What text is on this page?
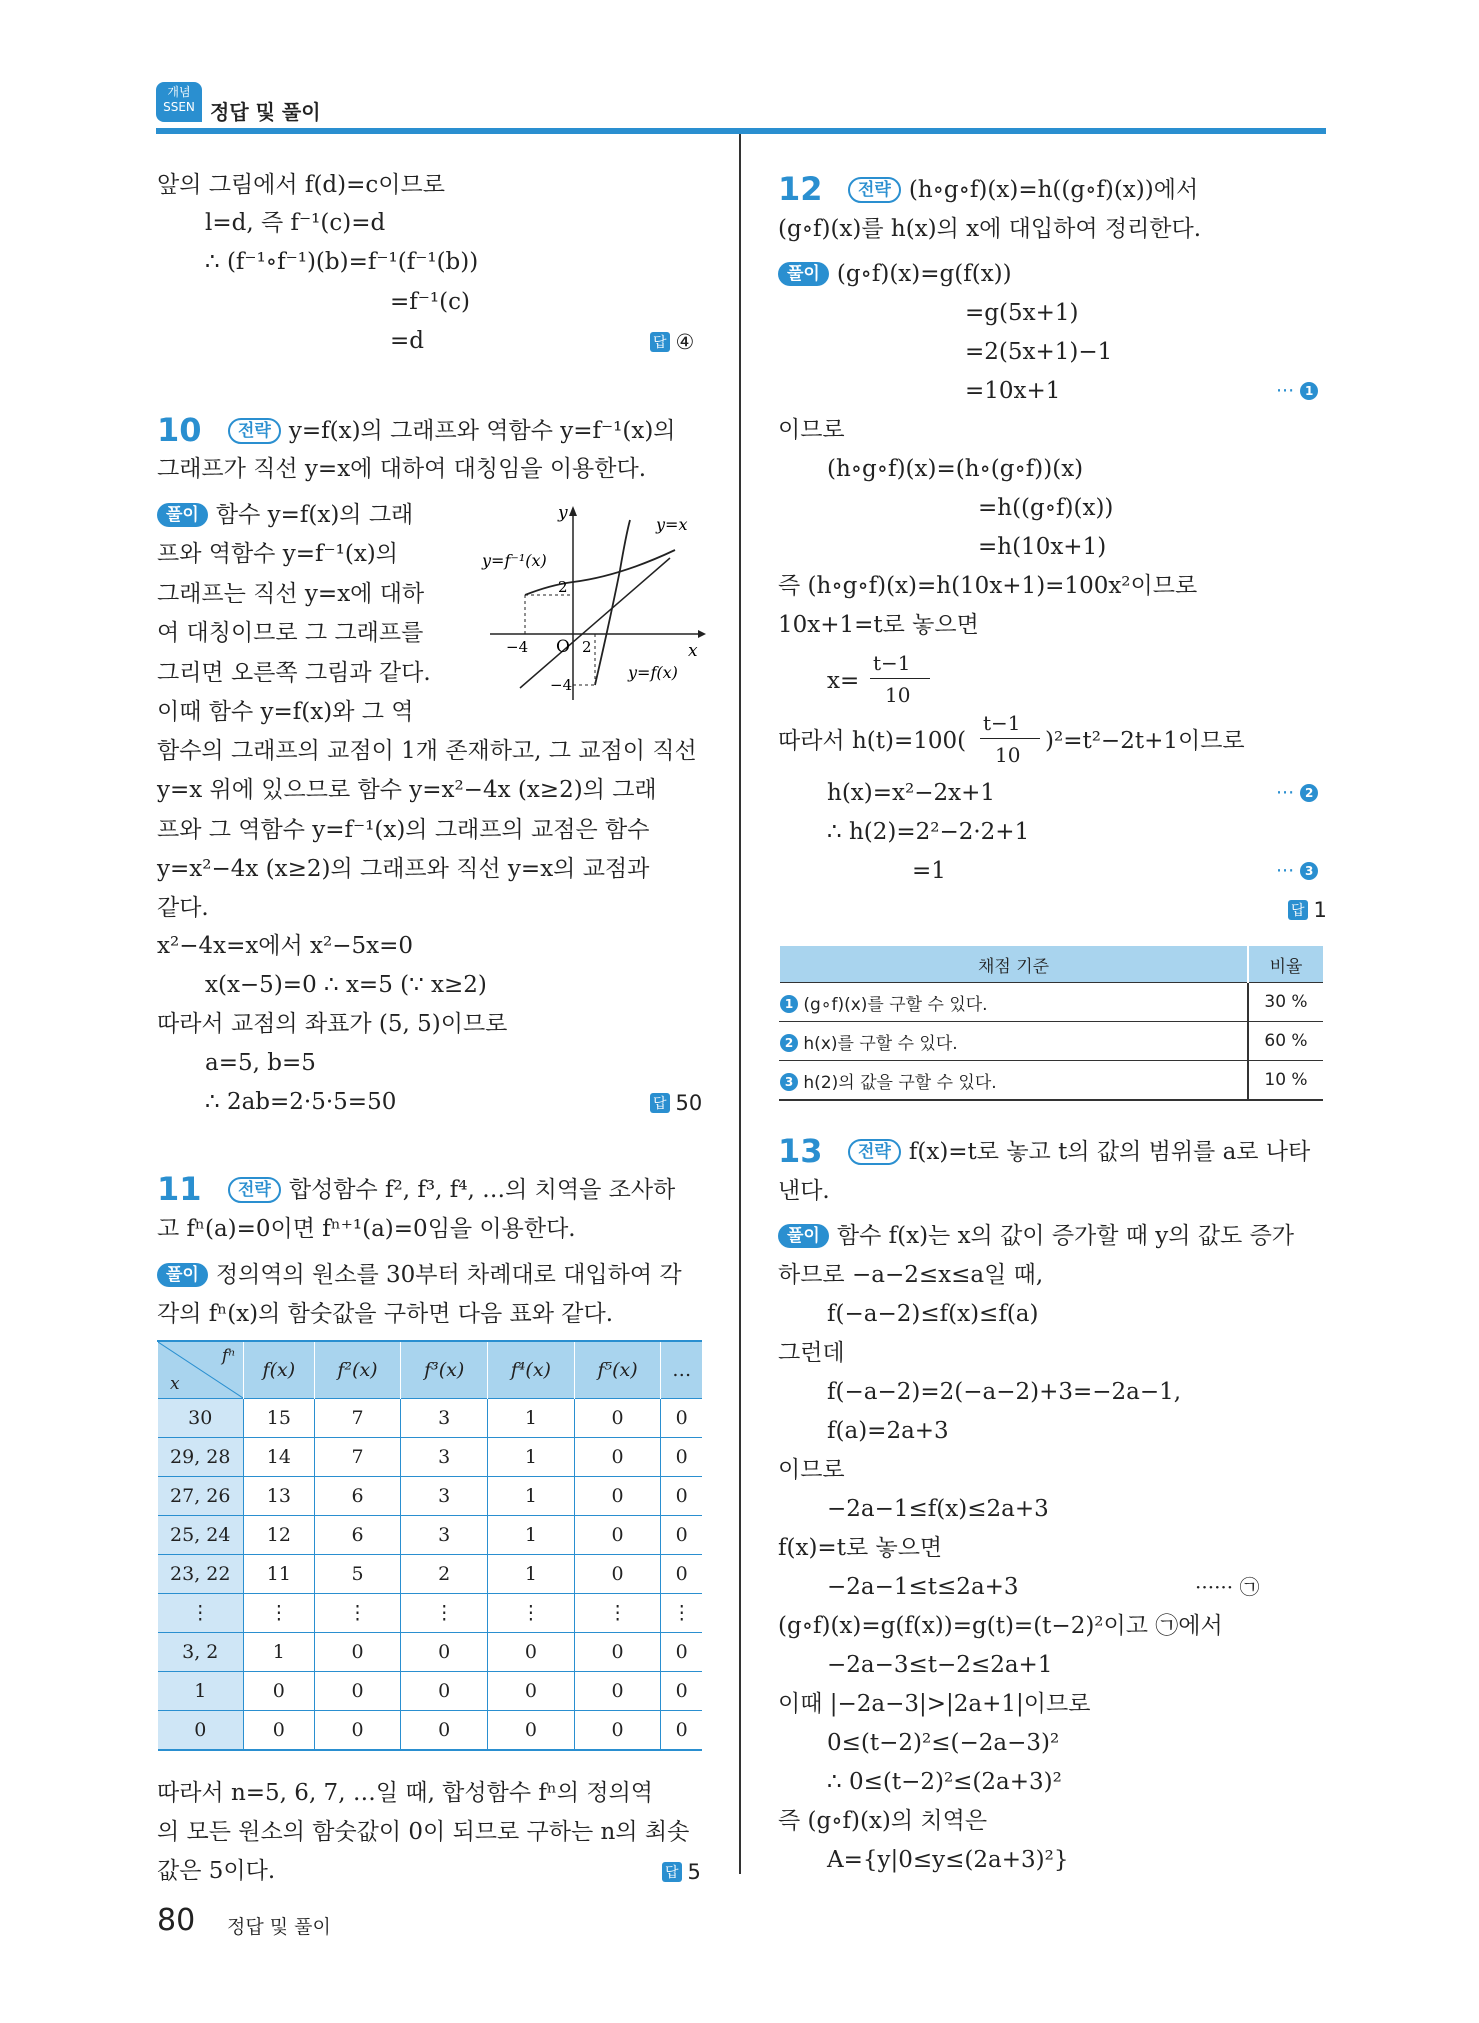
개념 SSEN 정답 및 풀이
앞의 그림에서 f(d)=c이므로
l=d, 즉 f⁻¹(c)=d
∴ (f⁻¹∘f⁻¹)(b)=f⁻¹(f⁻¹(b))
=f⁻¹(c)
=d	답 ④
10	전략 y=f(x)의 그래프와 역함수 y=f⁻¹(x)의
그래프가 직선 y=x에 대하여 대칭임을 이용한다.
풀이 함수 y=f(x)의 그래
프와 역함수 y=f⁻¹(x)의
그래프는 직선 y=x에 대하
여 대칭이므로 그 그래프를
그리면 오른쪽 그림과 같다.
이때 함수 y=f(x)와 그 역
y
x
O
y=x
y=f⁻¹(x)
y=f(x)
−4	2
2
−4
함수의 그래프의 교점이 1개 존재하고, 그 교점이 직선
y=x 위에 있으므로 함수 y=x²−4x (x≥2)의 그래
프와 그 역함수 y=f⁻¹(x)의 그래프의 교점은 함수
y=x²−4x (x≥2)의 그래프와 직선 y=x의 교점과
같다.
x²−4x=x에서 x²−5x=0
x(x−5)=0 ∴ x=5 (∵ x≥2)
따라서 교점의 좌표가 (5, 5)이므로
a=5, b=5
∴ 2ab=2·5·5=50	답 50
11	전략 합성함수 f², f³, f⁴, …의 치역을 조사하
고 fⁿ(a)=0이면 fⁿ⁺¹(a)=0임을 이용한다.
풀이 정의역의 원소를 30부터 차례대로 대입하여 각
각의 fⁿ(x)의 함숫값을 구하면 다음 표와 같다.
fⁿ
x	f(x)	f²(x)	f³(x)	f⁴(x)	f⁵(x)	…
30	15	7	3	1	0	0
29, 28	14	7	3	1	0	0
27, 26	13	6	3	1	0	0
25, 24	12	6	3	1	0	0
23, 22	11	5	2	1	0	0
⋮	⋮	⋮	⋮	⋮	⋮	⋮
3, 2	1	0	0	0	0	0
1	0	0	0	0	0	0
0	0	0	0	0	0	0
따라서 n=5, 6, 7, …일 때, 합성함수 fⁿ의 정의역
의 모든 원소의 함숫값이 0이 되므로 구하는 n의 최솟
값은 5이다.	답 5
12	전략 (h∘g∘f)(x)=h((g∘f)(x))에서
(g∘f)(x)를 h(x)의 x에 대입하여 정리한다.
풀이 (g∘f)(x)=g(f(x))
=g(5x+1)
=2(5x+1)−1
=10x+1	··· 1
이므로
(h∘g∘f)(x)=(h∘(g∘f))(x)
=h((g∘f)(x))
=h(10x+1)
즉 (h∘g∘f)(x)=h(10x+1)=100x²이므로
10x+1=t로 놓으면
x=
t−1
10
따라서 h(t)=100(
t−1
10
)²=t²−2t+1이므로
h(x)=x²−2x+1	··· 2
∴ h(2)=2²−2·2+1
=1	··· 3
답 1
채점 기준	비율
1 (g∘f)(x)를 구할 수 있다.	30 %
2 h(x)를 구할 수 있다.	60 %
3 h(2)의 값을 구할 수 있다.	10 %
13	전략 f(x)=t로 놓고 t의 값의 범위를 a로 나타
낸다.
풀이 함수 f(x)는 x의 값이 증가할 때 y의 값도 증가
하므로 −a−2≤x≤a일 때,
f(−a−2)≤f(x)≤f(a)
그런데
f(−a−2)=2(−a−2)+3=−2a−1,
f(a)=2a+3
이므로
−2a−1≤f(x)≤2a+3
f(x)=t로 놓으면
−2a−1≤t≤2a+3	······ ㉠
(g∘f)(x)=g(f(x))=g(t)=(t−2)²이고 ㉠에서
−2a−3≤t−2≤2a+1
이때 |−2a−3|>|2a+1|이므로
0≤(t−2)²≤(−2a−3)²
∴ 0≤(t−2)²≤(2a+3)²
즉 (g∘f)(x)의 치역은
A={y|0≤y≤(2a+3)²}
80 정답 및 풀이
